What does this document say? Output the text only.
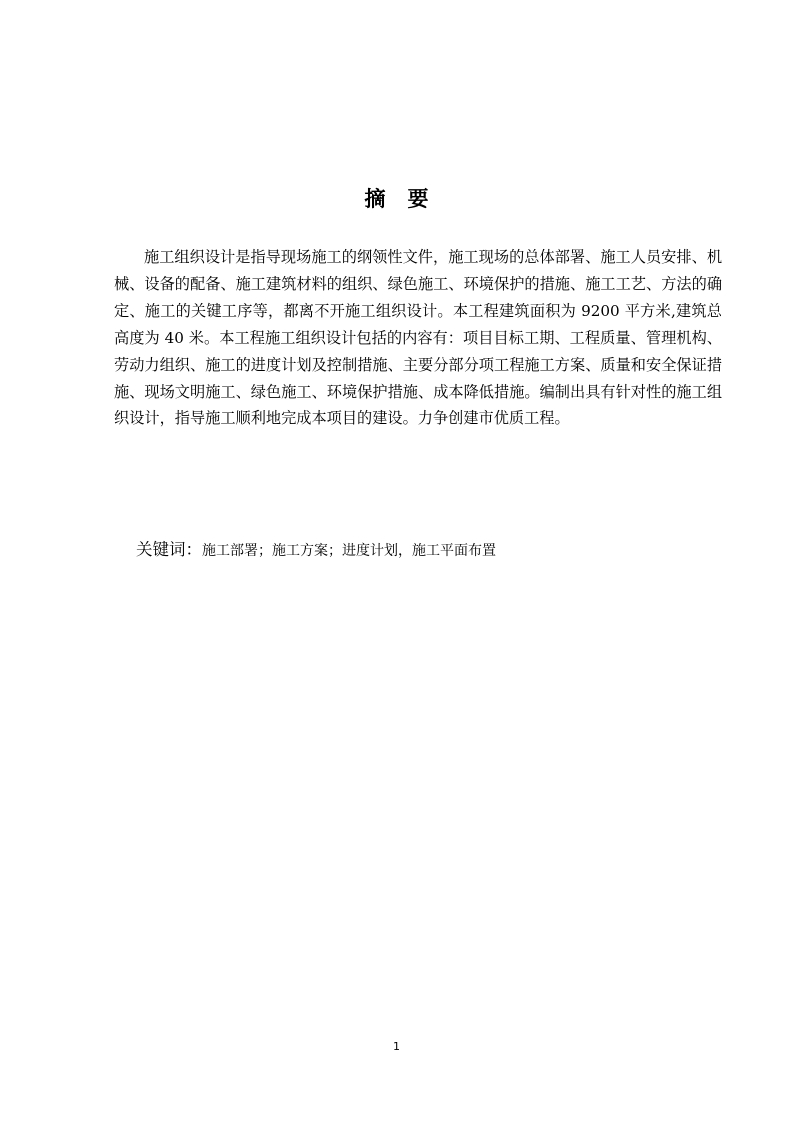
摘 要

施工组织设计是指导现场施工的纲领性文件，施工现场的总体部署、施工人员安排、机械、设备的配备、施工建筑材料的组织、绿色施工、环境保护的措施、施工工艺、方法的确定、施工的关键工序等，都离不开施工组织设计。本工程建筑面积为 9200 平方米,建筑总高度为 40 米。本工程施工组织设计包括的内容有：项目目标工期、工程质量、管理机构、劳动力组织、施工的进度计划及控制措施、主要分部分项工程施工方案、质量和安全保证措施、现场文明施工、绿色施工、环境保护措施、成本降低措施。编制出具有针对性的施工组织设计，指导施工顺利地完成本项目的建设。力争创建市优质工程。

关键词：施工部署；施工方案；进度计划，施工平面布置
1
